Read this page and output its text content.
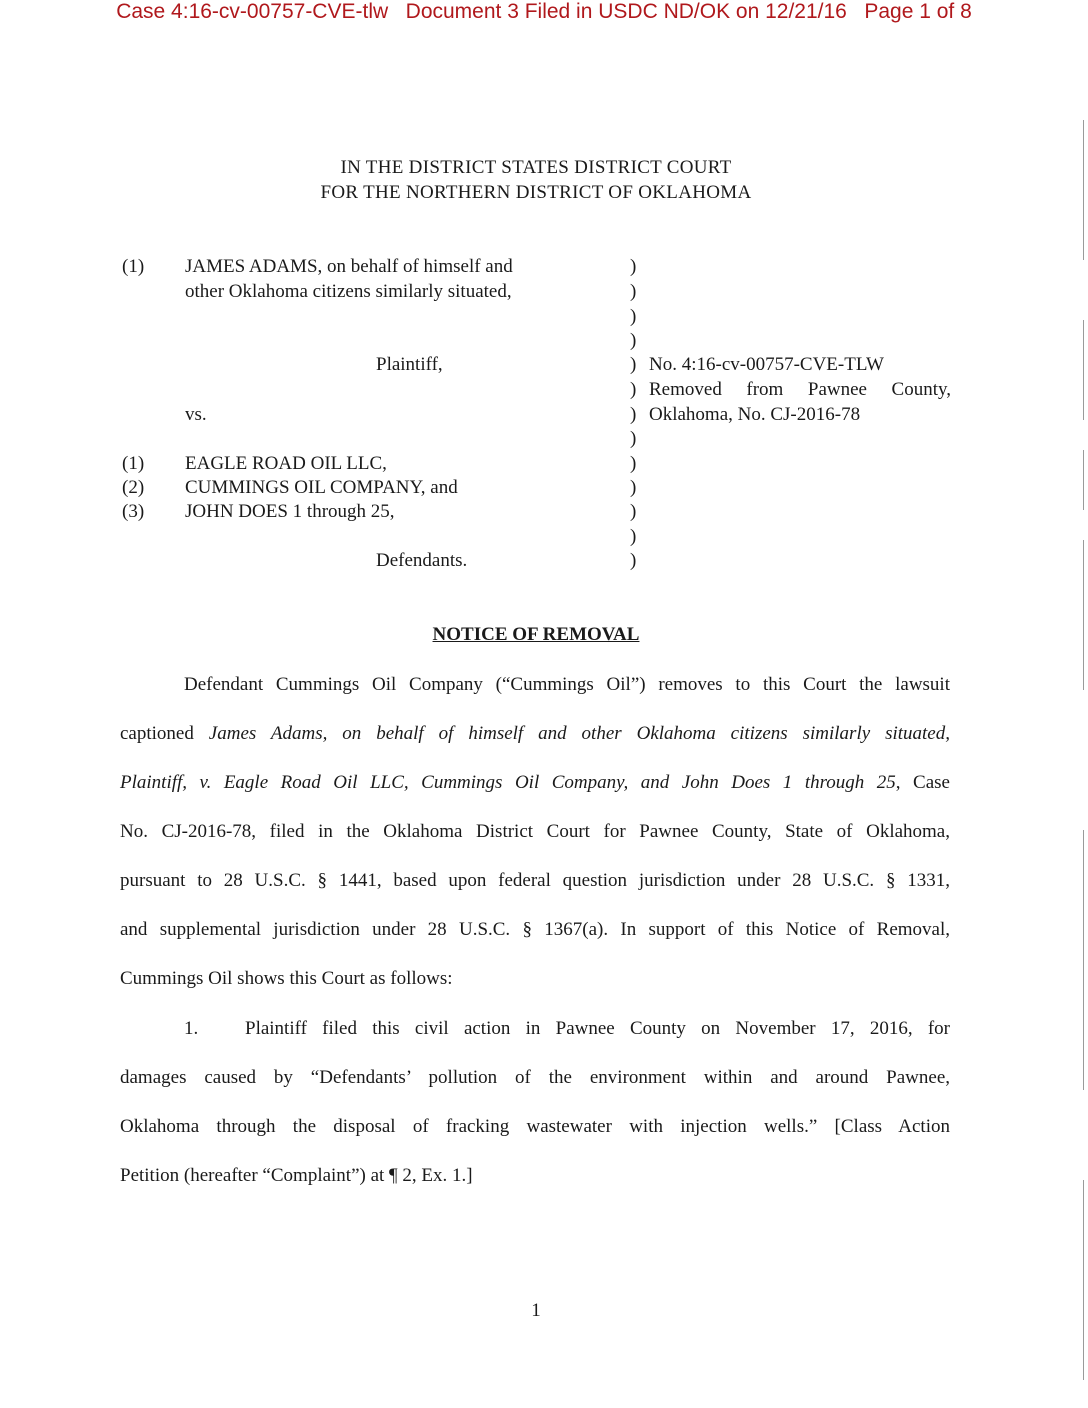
Case 4:16-cv-00757-CVE-tlw   Document 3 Filed in USDC ND/OK on 12/21/16   Page 1 of 8
IN THE DISTRICT STATES DISTRICT COURT
FOR THE NORTHERN DISTRICT OF OKLAHOMA
(1) JAMES ADAMS, on behalf of himself and
other Oklahoma citizens similarly situated,
Plaintiff,
vs.
(1) EAGLE ROAD OIL LLC,
(2) CUMMINGS OIL COMPANY, and
(3) JOHN DOES 1 through 25,
Defendants.
)
)
)
)
)
)
)
)
)
)
)
)
)
No. 4:16-cv-00757-CVE-TLW
Removed from Pawnee County,
Oklahoma, No. CJ-2016-78
NOTICE OF REMOVAL
Defendant Cummings Oil Company (“Cummings Oil”) removes to this Court the lawsuit
captioned James Adams, on behalf of himself and other Oklahoma citizens similarly situated,
Plaintiff, v. Eagle Road Oil LLC, Cummings Oil Company, and John Does 1 through 25, Case
No. CJ-2016-78, filed in the Oklahoma District Court for Pawnee County, State of Oklahoma,
pursuant to 28 U.S.C. § 1441, based upon federal question jurisdiction under 28 U.S.C. § 1331,
and supplemental jurisdiction under 28 U.S.C. § 1367(a). In support of this Notice of Removal,
Cummings Oil shows this Court as follows:
1. Plaintiff filed this civil action in Pawnee County on November 17, 2016, for
damages caused by “Defendants’ pollution of the environment within and around Pawnee,
Oklahoma through the disposal of fracking wastewater with injection wells.” [Class Action
Petition (hereafter “Complaint”) at ¶ 2, Ex. 1.]
1
